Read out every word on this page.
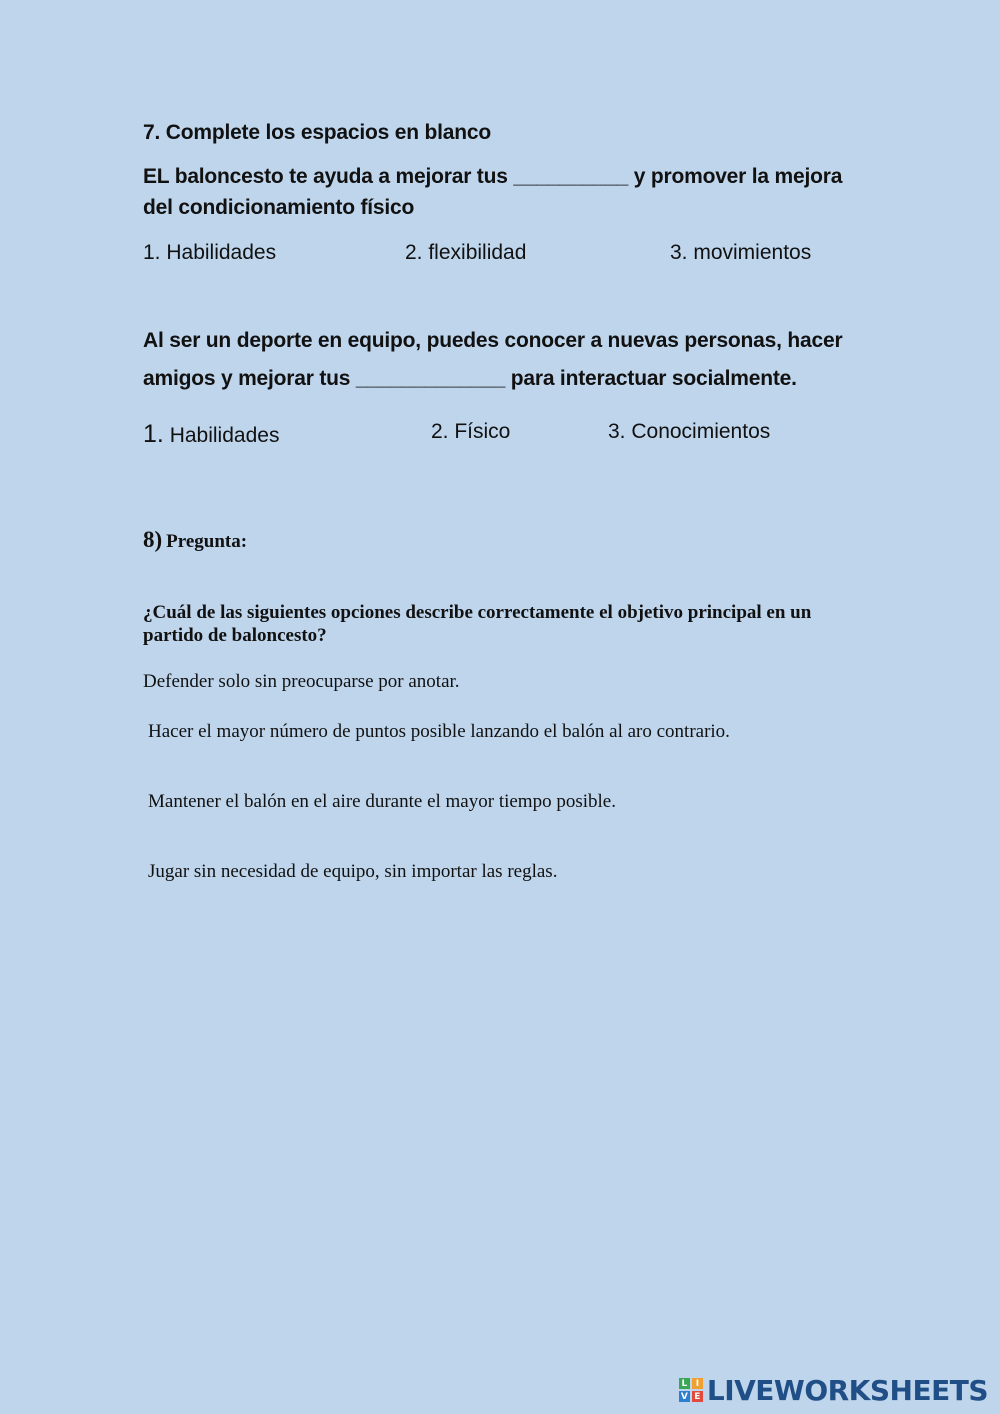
7. Complete los espacios en blanco
EL baloncesto te ayuda a mejorar tus __________ y promover la mejora
del condicionamiento físico
1. Habilidades	2. flexibilidad	3. movimientos
Al ser un deporte en equipo, puedes conocer a nuevas personas, hacer
amigos y mejorar tus _____________ para interactuar socialmente.
1. Habilidades	2. Físico	3. Conocimientos
8) Pregunta:
¿Cuál de las siguientes opciones describe correctamente el objetivo principal en un partido de baloncesto?
Defender solo sin preocuparse por anotar.
Hacer el mayor número de puntos posible lanzando el balón al aro contrario.
Mantener el balón en el aire durante el mayor tiempo posible.
Jugar sin necesidad de equipo, sin importar las reglas.
L I
V E LIVEWORKSHEETS
